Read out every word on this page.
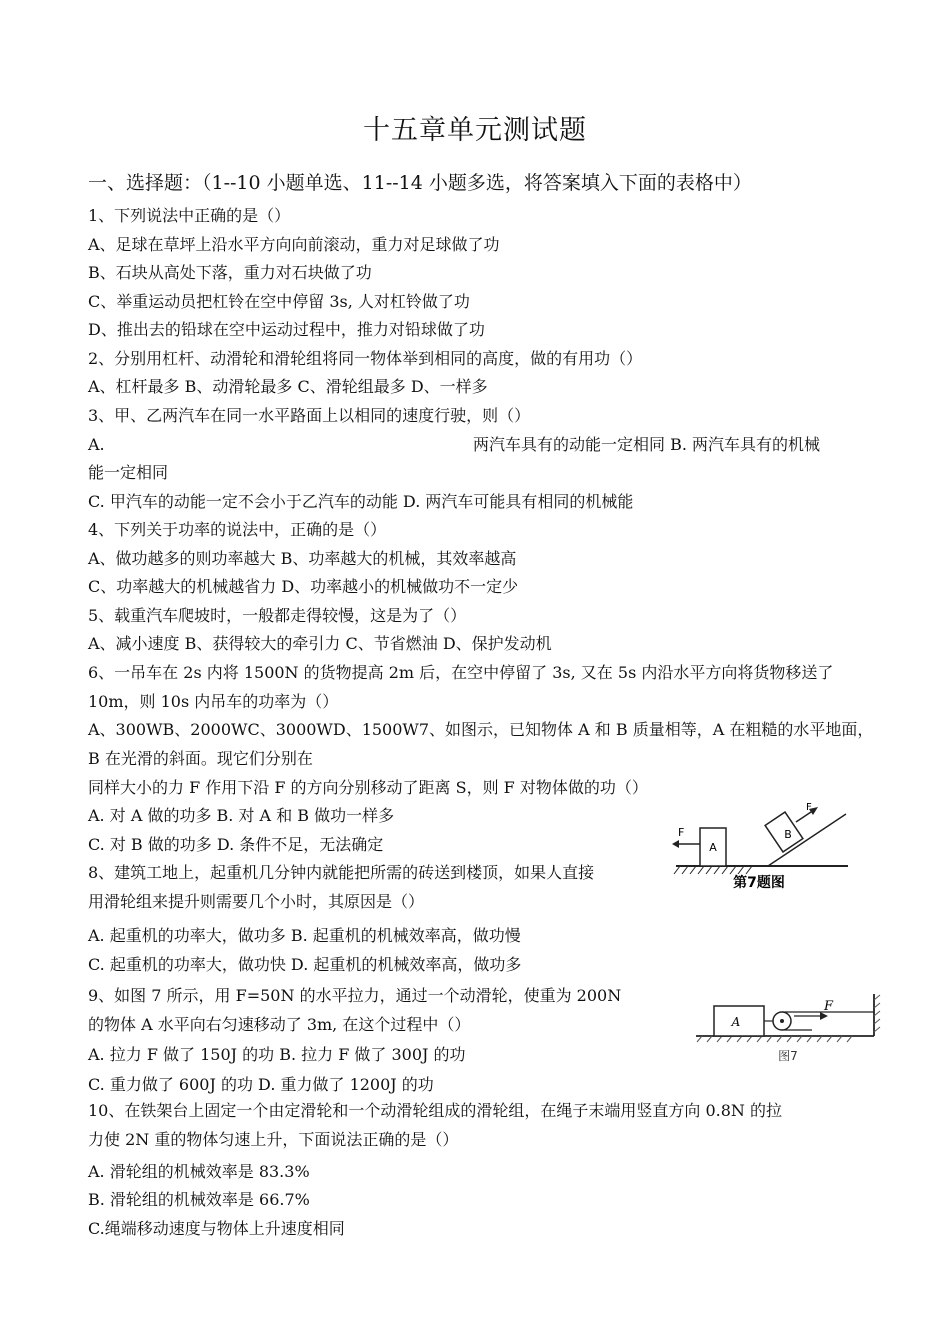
十五章单元测试题
一、选择题：（1--10 小题单选、11--14 小题多选，将答案填入下面的表格中）
1、下列说法中正确的是（）
A、足球在草坪上沿水平方向向前滚动，重力对足球做了功
B、石块从高处下落，重力对石块做了功
C、举重运动员把杠铃在空中停留 3s, 人对杠铃做了功
D、推出去的铅球在空中运动过程中，推力对铅球做了功
2、分别用杠杆、动滑轮和滑轮组将同一物体举到相同的高度，做的有用功（）
A、杠杆最多 B、动滑轮最多 C、滑轮组最多 D、一样多
3、甲、乙两汽车在同一水平路面上以相同的速度行驶，则（）
A.	两汽车具有的动能一定相同 B. 两汽车具有的机械
能一定相同
C. 甲汽车的动能一定不会小于乙汽车的动能 D. 两汽车可能具有相同的机械能
4、下列关于功率的说法中，正确的是（）
A、做功越多的则功率越大 B、功率越大的机械，其效率越高
C、功率越大的机械越省力 D、功率越小的机械做功不一定少
5、载重汽车爬坡时，一般都走得较慢，这是为了（）
A、减小速度 B、获得较大的牵引力 C、节省燃油 D、保护发动机
6、一吊车在 2s 内将 1500N 的货物提高 2m 后，在空中停留了 3s, 又在 5s 内沿水平方向将货物移送了
10m，则 10s 内吊车的功率为（）
A、300WB、2000WC、3000WD、1500W7、如图示，已知物体 A 和 B 质量相等，A 在粗糙的水平地面，
B 在光滑的斜面。现它们分别在
同样大小的力 F 作用下沿 F 的方向分别移动了距离 S，则 F 对物体做的功（）
A. 对 A 做的功多 B. 对 A 和 B 做功一样多
C. 对 B 做的功多 D. 条件不足，无法确定
8、建筑工地上，起重机几分钟内就能把所需的砖送到楼顶，如果人直接
用滑轮组来提升则需要几个小时，其原因是（）
A. 起重机的功率大，做功多 B. 起重机的机械效率高，做功慢
C. 起重机的功率大，做功快 D. 起重机的机械效率高，做功多
9、如图 7 所示，用 F=50N 的水平拉力，通过一个动滑轮，使重为 200N
的物体 A 水平向右匀速移动了 3m, 在这个过程中（）
A. 拉力 F 做了 150J 的功 B. 拉力 F 做了 300J 的功
C. 重力做了 600J 的功 D. 重力做了 1200J 的功
10、在铁架台上固定一个由定滑轮和一个动滑轮组成的滑轮组，在绳子末端用竖直方向 0.8N 的拉
力使 2N 重的物体匀速上升，下面说法正确的是（）
A. 滑轮组的机械效率是 83.3%
B. 滑轮组的机械效率是 66.7%
C.绳端移动速度与物体上升速度相同
A
F	B
F
第7题图
A
F
图7
